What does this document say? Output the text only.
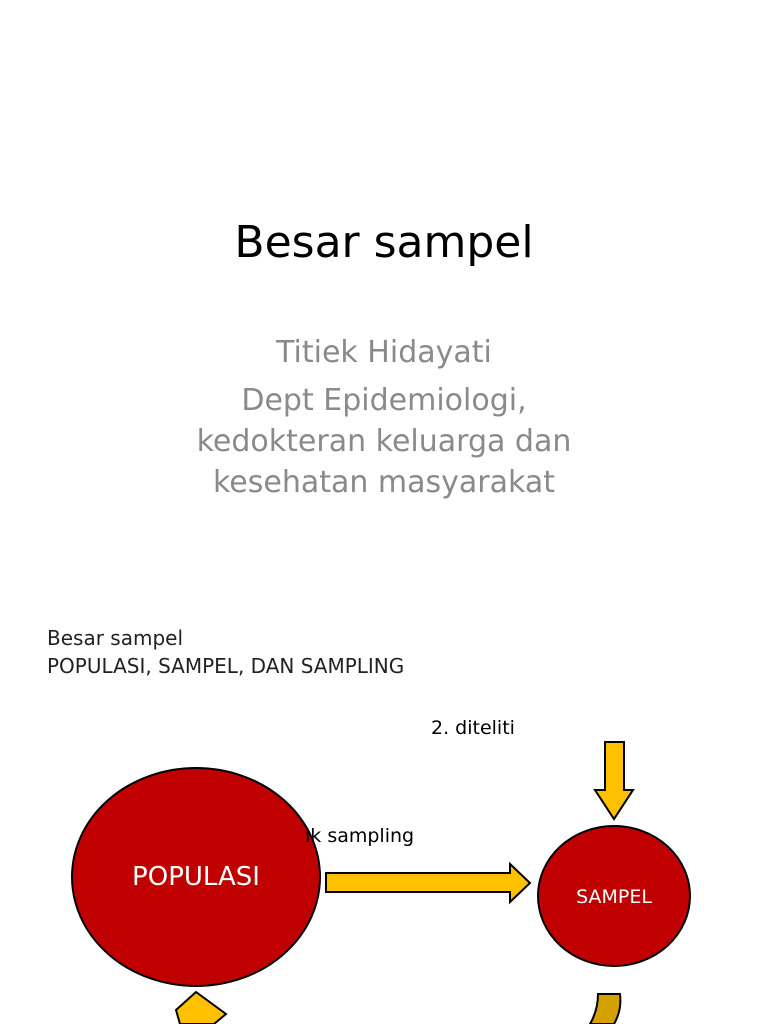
Besar sampel
Titiek Hidayati
Dept Epidemiologi,
kedokteran keluarga dan
kesehatan masyarakat
Besar sampel
POPULASI, SAMPEL, DAN SAMPLING
POPULASI
SAMPEL
2. diteliti
ik sampling
